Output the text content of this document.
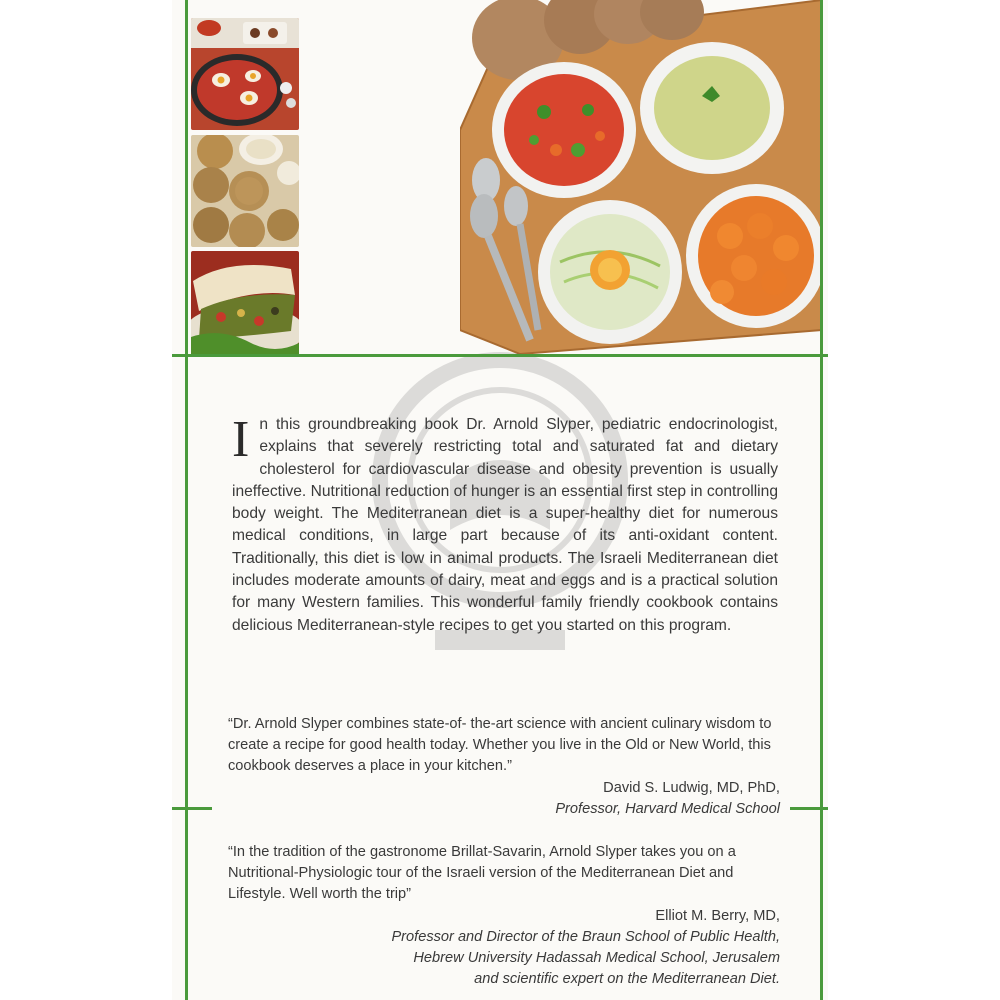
In this groundbreaking book Dr. Arnold Slyper, pediatric endocrinologist, explains that severely restricting total and saturated fat and dietary cholesterol for cardiovascular disease and obesity prevention is usually ineffective. Nutritional reduction of hunger is an essential first step in controlling body weight. The Mediterranean diet is a super-healthy diet for numerous medical conditions, in large part because of its anti-oxidant content. Traditionally, this diet is low in animal products. The Israeli Mediterranean diet includes moderate amounts of dairy, meat and eggs and is a practical solution for many Western families. This wonderful family friendly cookbook contains delicious Mediterranean-style recipes to get you started on this program.

“Dr. Arnold Slyper combines state-of- the-art science with ancient culinary wisdom to create a recipe for good health today. Whether you live in the Old or New World, this cookbook deserves a place in your kitchen.”

David S. Ludwig, MD, PhD,

Professor, Harvard Medical School

“In the tradition of the gastronome Brillat-Savarin, Arnold Slyper takes you on a Nutritional-Physiologic tour of the Israeli version of the Mediterranean Diet and Lifestyle. Well worth the trip”

Elliot M. Berry, MD,

Professor and Director of the Braun School of Public Health,

Hebrew University Hadassah Medical School, Jerusalem

and scientific expert on the Mediterranean Diet.
